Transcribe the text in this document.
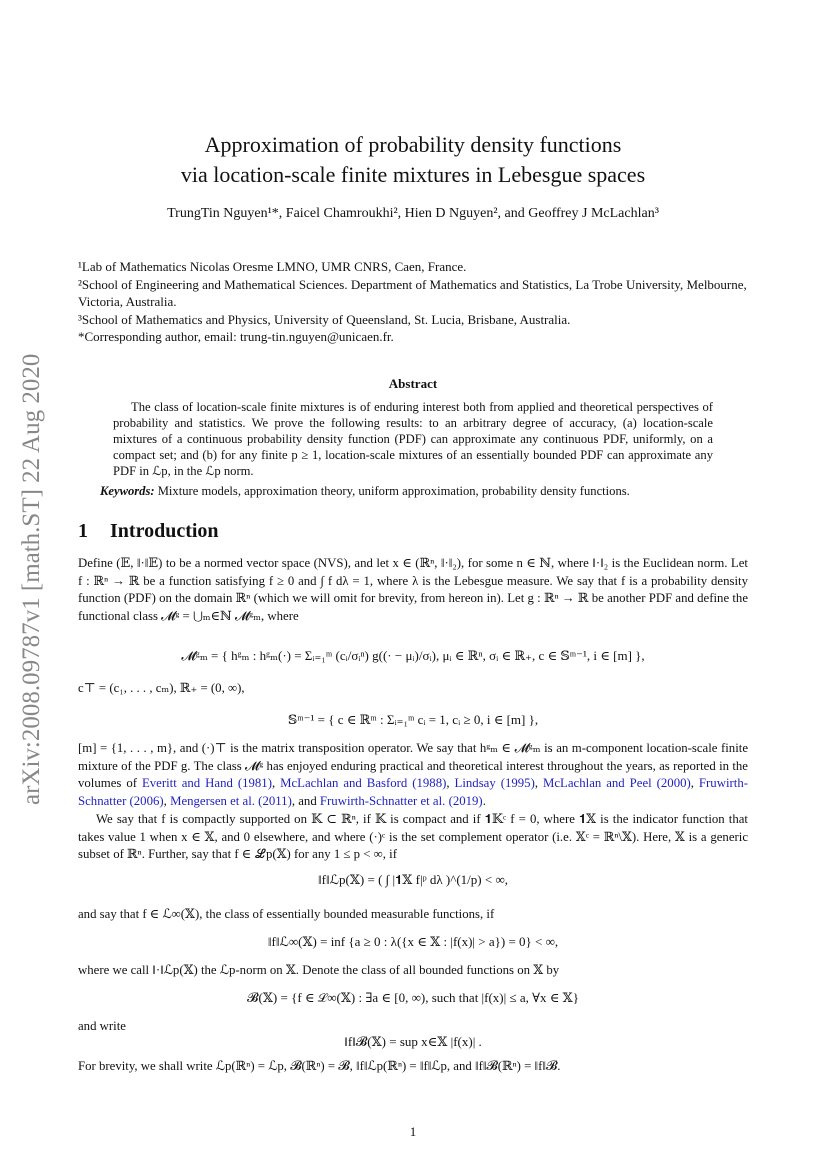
arXiv:2008.09787v1 [math.ST] 22 Aug 2020
Approximation of probability density functions
via location-scale finite mixtures in Lebesgue spaces
TrungTin Nguyen¹*, Faicel Chamroukhi², Hien D Nguyen², and Geoffrey J McLachlan³
¹Lab of Mathematics Nicolas Oresme LMNO, UMR CNRS, Caen, France.
²School of Engineering and Mathematical Sciences. Department of Mathematics and Statistics, La Trobe University, Melbourne, Victoria, Australia.
³School of Mathematics and Physics, University of Queensland, St. Lucia, Brisbane, Australia.
*Corresponding author, email: trung-tin.nguyen@unicaen.fr.
Abstract
The class of location-scale finite mixtures is of enduring interest both from applied and theoretical perspectives of probability and statistics. We prove the following results: to an arbitrary degree of accuracy, (a) location-scale mixtures of a continuous probability density function (PDF) can approximate any continuous PDF, uniformly, on a compact set; and (b) for any finite p ≥ 1, location-scale mixtures of an essentially bounded PDF can approximate any PDF in ℒp, in the ℒp norm.
Keywords: Mixture models, approximation theory, uniform approximation, probability density functions.
1 Introduction
Define (𝔼, ‖·‖𝔼) to be a normed vector space (NVS), and let x ∈ (ℝⁿ, ‖·‖₂), for some n ∈ ℕ, where ‖·‖₂ is the Euclidean norm. Let f : ℝⁿ → ℝ be a function satisfying f ≥ 0 and ∫ f dλ = 1, where λ is the Lebesgue measure. We say that f is a probability density function (PDF) on the domain ℝⁿ (which we will omit for brevity, from hereon in). Let g : ℝⁿ → ℝ be another PDF and define the functional class 𝓜ᵍ = ⋃ₘ∈ℕ 𝓜ᵍₘ, where
𝓜ᵍₘ = { hᵍₘ : hᵍₘ(·) = Σᵢ₌₁ᵐ (cᵢ/σᵢⁿ) g((· − μᵢ)/σᵢ), μᵢ ∈ ℝⁿ, σᵢ ∈ ℝ₊, c ∈ 𝕊ᵐ⁻¹, i ∈ [m] },
c⊤ = (c₁, . . . , cₘ), ℝ₊ = (0, ∞),
𝕊ᵐ⁻¹ = { c ∈ ℝᵐ : Σᵢ₌₁ᵐ cᵢ = 1, cᵢ ≥ 0, i ∈ [m] },
[m] = {1, . . . , m}, and (·)⊤ is the matrix transposition operator. We say that hᵍₘ ∈ 𝓜ᵍₘ is an m-component location-scale finite mixture of the PDF g. The class 𝓜ᵍ has enjoyed enduring practical and theoretical interest throughout the years, as reported in the volumes of Everitt and Hand (1981), McLachlan and Basford (1988), Lindsay (1995), McLachlan and Peel (2000), Fruwirth-Schnatter (2006), Mengersen et al. (2011), and Fruwirth-Schnatter et al. (2019).
We say that f is compactly supported on 𝕂 ⊂ ℝⁿ, if 𝕂 is compact and if 𝟏𝕂ᶜ f = 0, where 𝟏𝕏 is the indicator function that takes value 1 when x ∈ 𝕏, and 0 elsewhere, and where (·)ᶜ is the set complement operator (i.e. 𝕏ᶜ = ℝⁿ\𝕏). Here, 𝕏 is a generic subset of ℝⁿ. Further, say that f ∈ ℒp(𝕏) for any 1 ≤ p < ∞, if
‖f‖ℒp(𝕏) = ( ∫ |𝟏𝕏 f|ᵖ dλ )^(1/p) < ∞,
and say that f ∈ ℒ∞(𝕏), the class of essentially bounded measurable functions, if
‖f‖ℒ∞(𝕏) = inf {a ≥ 0 : λ({x ∈ 𝕏 : |f(x)| > a}) = 0} < ∞,
where we call ‖·‖ℒp(𝕏) the ℒp-norm on 𝕏. Denote the class of all bounded functions on 𝕏 by
𝓑(𝕏) = {f ∈ ℒ∞(𝕏) : ∃a ∈ [0, ∞), such that |f(x)| ≤ a, ∀x ∈ 𝕏}
and write
‖f‖𝓑(𝕏) = sup x∈𝕏 |f(x)| .
For brevity, we shall write ℒp(ℝⁿ) = ℒp, 𝓑(ℝⁿ) = 𝓑, ‖f‖ℒp(ℝⁿ) = ‖f‖ℒp, and ‖f‖𝓑(ℝⁿ) = ‖f‖𝓑.
1
